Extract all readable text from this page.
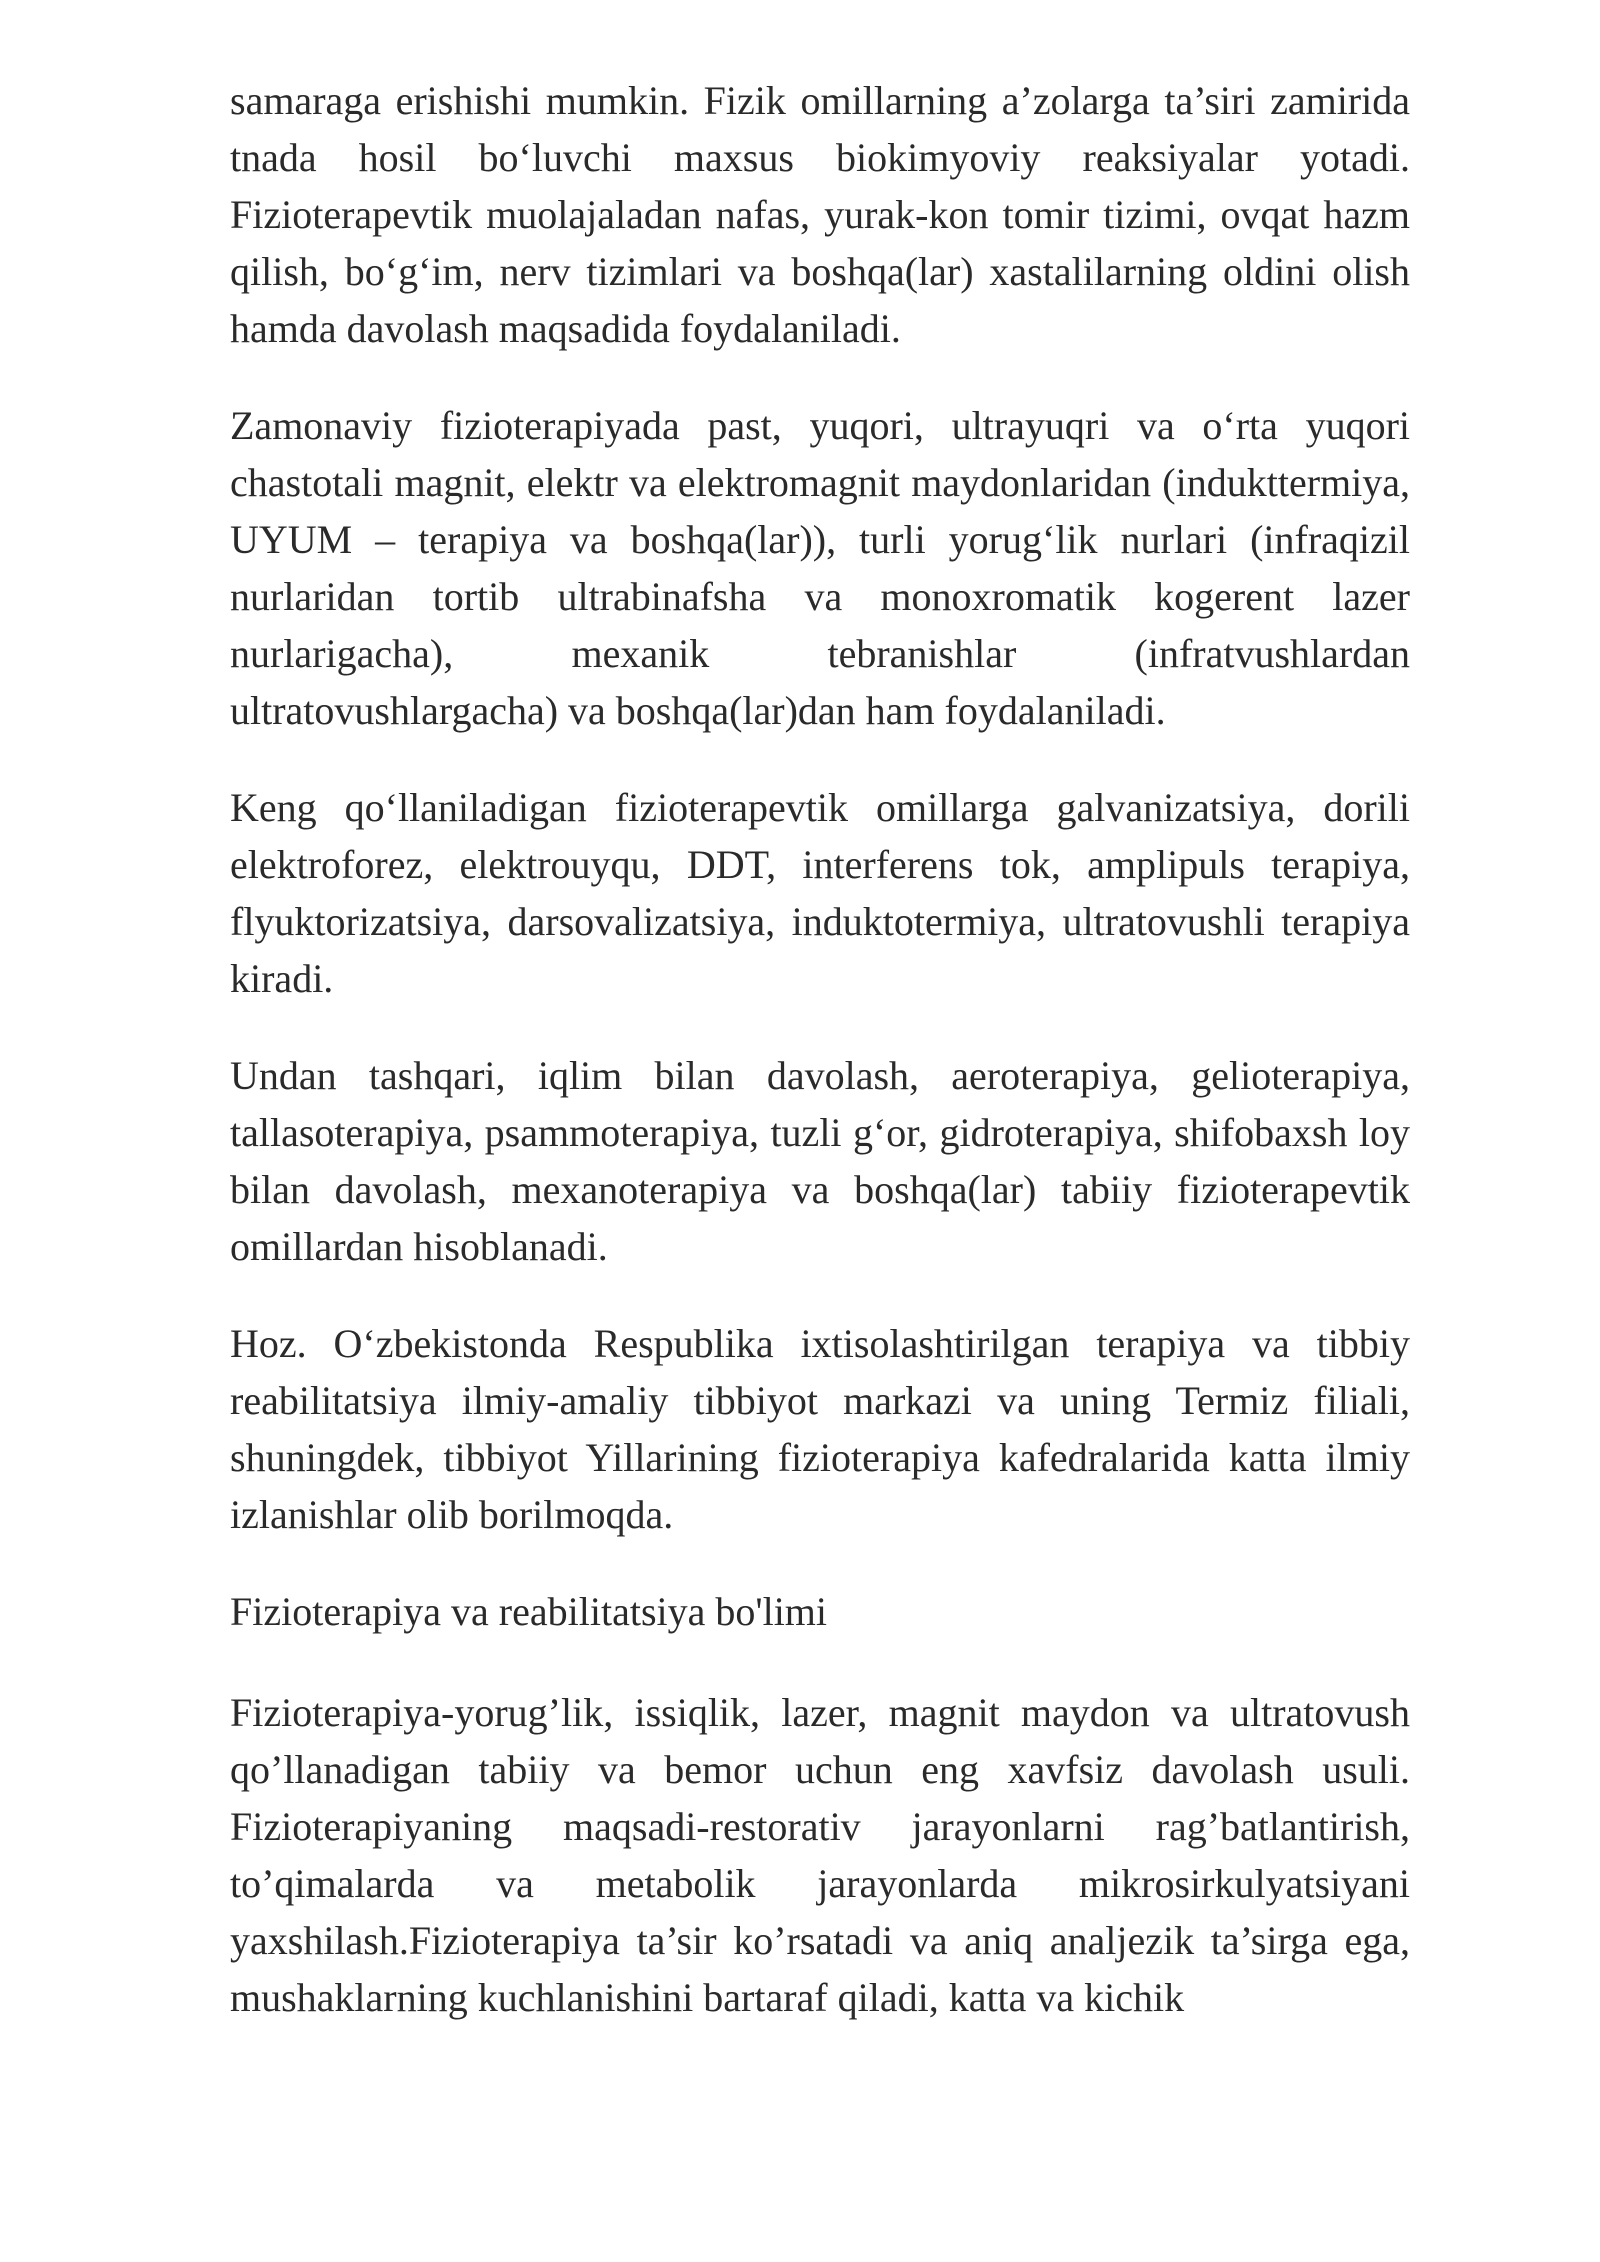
samaraga erishishi mumkin. Fizik omillarning a’zolarga ta’siri zamirida tnada hosil bo‘luvchi maxsus biokimyoviy reaksiyalar yotadi. Fizioterapevtik muolajaladan nafas, yurak-kon tomir tizimi, ovqat hazm qilish, bo‘g‘im, nerv tizimlari va boshqa(lar) xastalilarning oldini olish hamda davolash maqsadida foydalaniladi.

Zamonaviy fizioterapiyada past, yuqori, ultrayuqri va o‘rta yuqori chastotali magnit, elektr va elektromagnit maydonlaridan (indukttermiya, UYUM – terapiya va boshqa(lar)), turli yorug‘lik nurlari (infraqizil nurlaridan tortib ultrabinafsha va monoxromatik kogerent lazer nurlarigacha), mexanik tebranishlar (infratvushlardan ultratovushlargacha) va boshqa(lar)dan ham foydalaniladi.

Keng qo‘llaniladigan fizioterapevtik omillarga galvanizatsiya, dorili elektroforez, elektrouyqu, DDT, interferens tok, amplipuls terapiya, flyuktorizatsiya, darsovalizatsiya, induktotermiya, ultratovushli terapiya kiradi.

Undan tashqari, iqlim bilan davolash, aeroterapiya, gelioterapiya, tallasoterapiya, psammoterapiya, tuzli g‘or, gidroterapiya, shifobaxsh loy bilan davolash, mexanoterapiya va boshqa(lar) tabiiy fizioterapevtik omillardan hisoblanadi.

Hoz. O‘zbekistonda Respublika ixtisolashtirilgan terapiya va tibbiy reabilitatsiya ilmiy-amaliy tibbiyot markazi va uning Termiz filiali, shuningdek, tibbiyot Yillarining fizioterapiya kafedralarida katta ilmiy izlanishlar olib borilmoqda.

Fizioterapiya va reabilitatsiya bo'limi

Fizioterapiya-yorug’lik, issiqlik, lazer, magnit maydon va ultratovush qo’llanadigan tabiiy va bemor uchun eng xavfsiz davolash usuli.
Fizioterapiyaning maqsadi-restorativ jarayonlarni rag’batlantirish, to’qimalarda va metabolik jarayonlarda mikrosirkulyatsiyani yaxshilash.Fizioterapiya ta’sir ko’rsatadi va aniq analjezik ta’sirga ega, mushaklarning kuchlanishini bartaraf qiladi, katta va kichik
